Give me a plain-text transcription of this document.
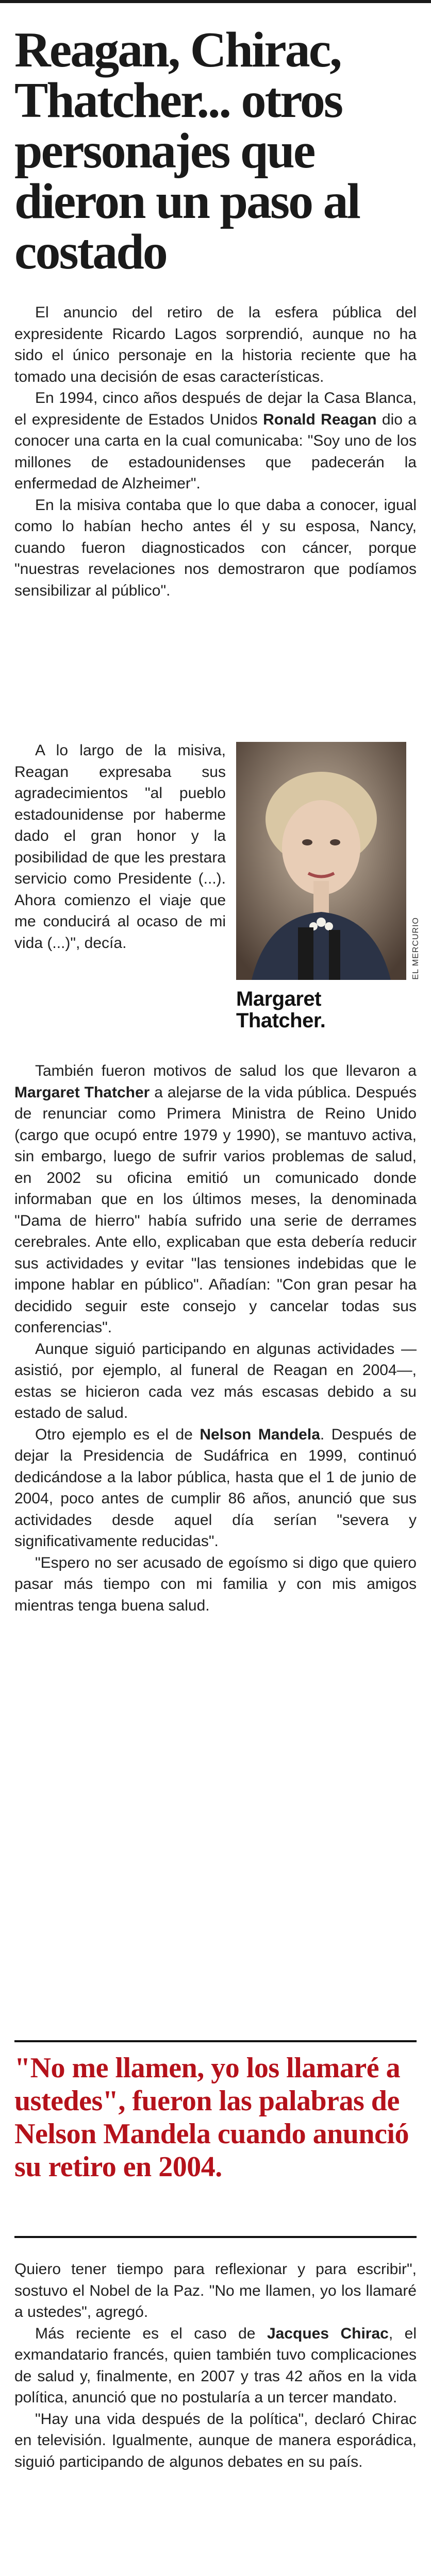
Reagan, Chirac, Thatcher... otros personajes que dieron un paso al costado

El anuncio del retiro de la esfera pública del expresidente Ricardo Lagos sorprendió, aunque no ha sido el único personaje en la historia reciente que ha tomado una decisión de esas características.

En 1994, cinco años después de dejar la Casa Blanca, el expresidente de Estados Unidos Ronald Reagan dio a conocer una carta en la cual comunicaba: "Soy uno de los millones de estadounidenses que padecerán la enfermedad de Alzheimer".

En la misiva contaba que lo que daba a conocer, igual como lo habían hecho antes él y su esposa, Nancy, cuando fueron diagnosticados con cáncer, porque "nuestras revelaciones nos demostraron que podíamos sensibilizar al público".

A lo largo de la misiva, Reagan expresaba sus agradecimientos "al pueblo estadounidense por haberme dado el gran honor y la posibilidad de que les prestara servicio como Presidente (...). Ahora comienzo el viaje que me conducirá al ocaso de mi vida (...)", decía.	EL MERCURIO

Margaret Thatcher.

También fueron motivos de salud los que llevaron a Margaret Thatcher a alejarse de la vida pública. Después de renunciar como Primera Ministra de Reino Unido (cargo que ocupó entre 1979 y 1990), se mantuvo activa, sin embargo, luego de sufrir varios problemas de salud, en 2002 su oficina emitió un comunicado donde informaban que en los últimos meses, la denominada "Dama de hierro" había sufrido una serie de derrames cerebrales. Ante ello, explicaban que esta debería reducir sus actividades y evitar "las tensiones indebidas que le impone hablar en público". Añadían: "Con gran pesar ha decidido seguir este consejo y cancelar todas sus conferencias".

Aunque siguió participando en algunas actividades —asistió, por ejemplo, al funeral de Reagan en 2004—, estas se hicieron cada vez más escasas debido a su estado de salud.

Otro ejemplo es el de Nelson Mandela. Después de dejar la Presidencia de Sudáfrica en 1999, continuó dedicándose a la labor pública, hasta que el 1 de junio de 2004, poco antes de cumplir 86 años, anunció que sus actividades desde aquel día serían "severa y significativamente reducidas".

"Espero no ser acusado de egoísmo si digo que quiero pasar más tiempo con mi familia y con mis amigos mientras tenga buena salud.

"No me llamen, yo los llamaré a ustedes", fueron las palabras de Nelson Mandela cuando anunció su retiro en 2004.

Quiero tener tiempo para reflexionar y para escribir", sostuvo el Nobel de la Paz. "No me llamen, yo los llamaré a ustedes", agregó.

Más reciente es el caso de Jacques Chirac, el exmandatario francés, quien también tuvo complicaciones de salud y, finalmente, en 2007 y tras 42 años en la vida política, anunció que no postularía a un tercer mandato.

"Hay una vida después de la política", declaró Chirac en televisión. Igualmente, aunque de manera esporádica, siguió participando de algunos debates en su país.
